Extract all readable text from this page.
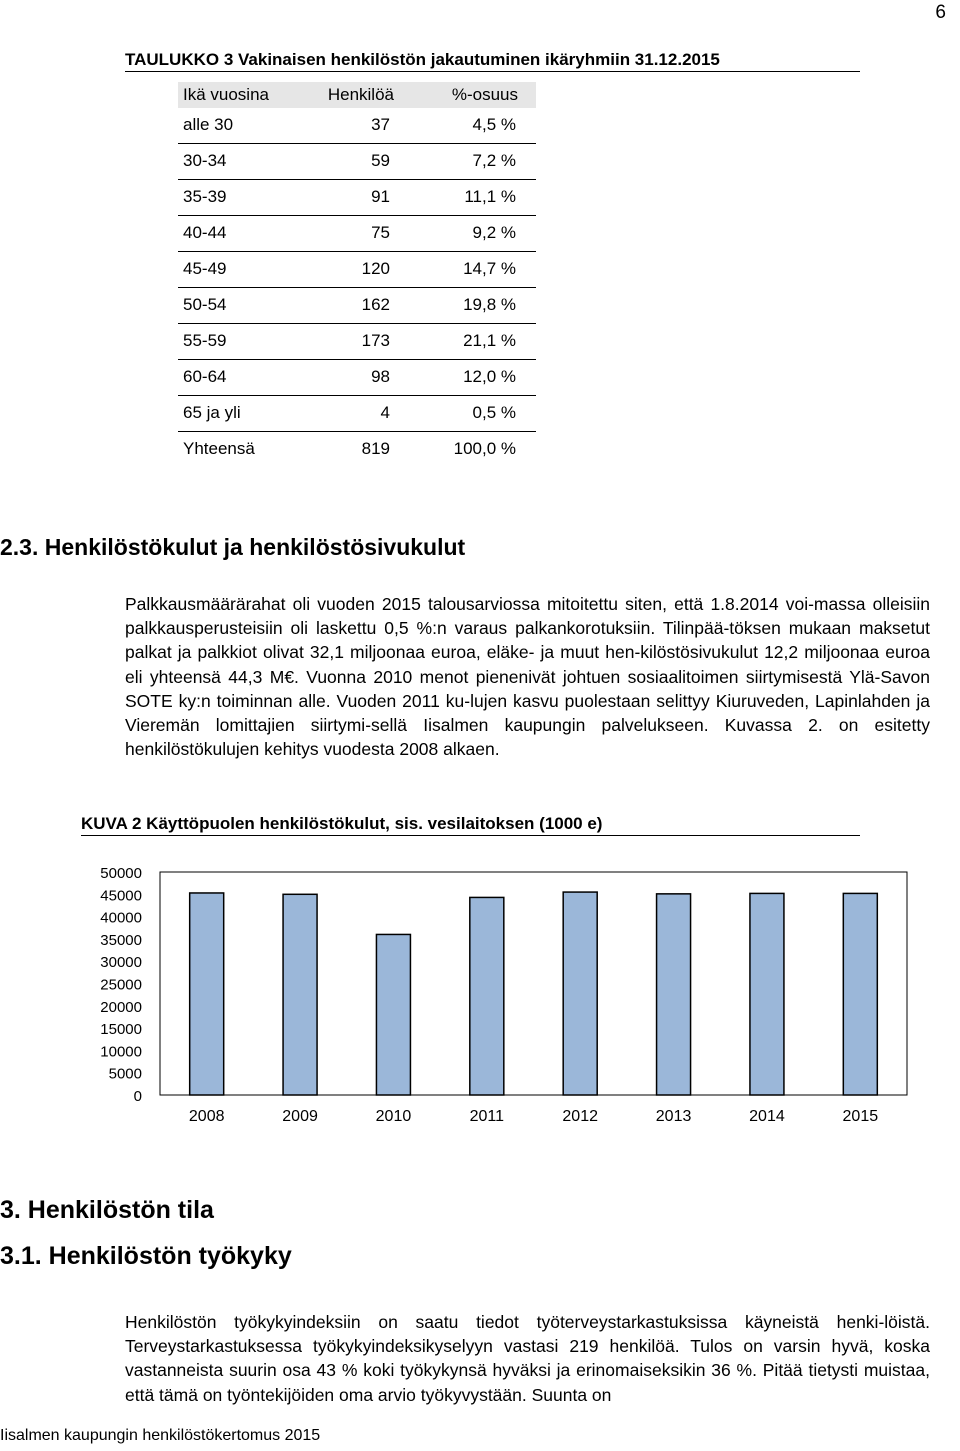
6
TAULUKKO 3 Vakinaisen henkilöstön jakautuminen ikäryhmiin 31.12.2015
Ikä vuosina	Henkilöä	%-osuus
alle 30	37	4,5 %
30-34	59	7,2 %
35-39	91	11,1 %
40-44	75	9,2 %
45-49	120	14,7 %
50-54	162	19,8 %
55-59	173	21,1 %
60-64	98	12,0 %
65 ja yli	4	0,5 %
Yhteensä	819	100,0 %
2.3. Henkilöstökulut ja henkilöstösivukulut

Palkkausmäärärahat oli vuoden 2015 talousarviossa mitoitettu siten, että 1.8.2014 voi-massa olleisiin palkkausperusteisiin oli laskettu 0,5 %:n varaus palkankorotuksiin. Tilinpää-töksen mukaan maksetut palkat ja palkkiot olivat 32,1 miljoonaa euroa, eläke- ja muut hen-kilöstösivukulut 12,2 miljoonaa euroa eli yhteensä 44,3 M€. Vuonna 2010 menot pienenivät johtuen sosiaalitoimen siirtymisestä Ylä-Savon SOTE ky:n toiminnan alle. Vuoden 2011 ku-lujen kasvu puolestaan selittyy Kiuruveden, Lapinlahden ja Vieremän lomittajien siirtymi-sellä Iisalmen kaupungin palvelukseen. Kuvassa 2. on esitetty henkilöstökulujen kehitys vuodesta 2008 alkaen.

KUVA 2 Käyttöpuolen henkilöstökulut, sis. vesilaitoksen (1000 e)
50000
45000
40000
35000
30000
25000
20000
15000
10000
5000
0
2008	2009	2010	2011	2012	2013	2014	2015
3. Henkilöstön tila
3.1. Henkilöstön työkyky

Henkilöstön työkykyindeksiin on saatu tiedot työterveystarkastuksissa käyneistä henki-löistä. Terveystarkastuksessa työkykyindeksikyselyyn vastasi 219 henkilöä. Tulos on varsin hyvä, koska vastanneista suurin osa 43 % koki työkykynsä hyväksi ja erinomaiseksikin 36 %. Pitää tietysti muistaa, että tämä on työntekijöiden oma arvio työkyvystään. Suunta on

Iisalmen kaupungin henkilöstökertomus 2015
